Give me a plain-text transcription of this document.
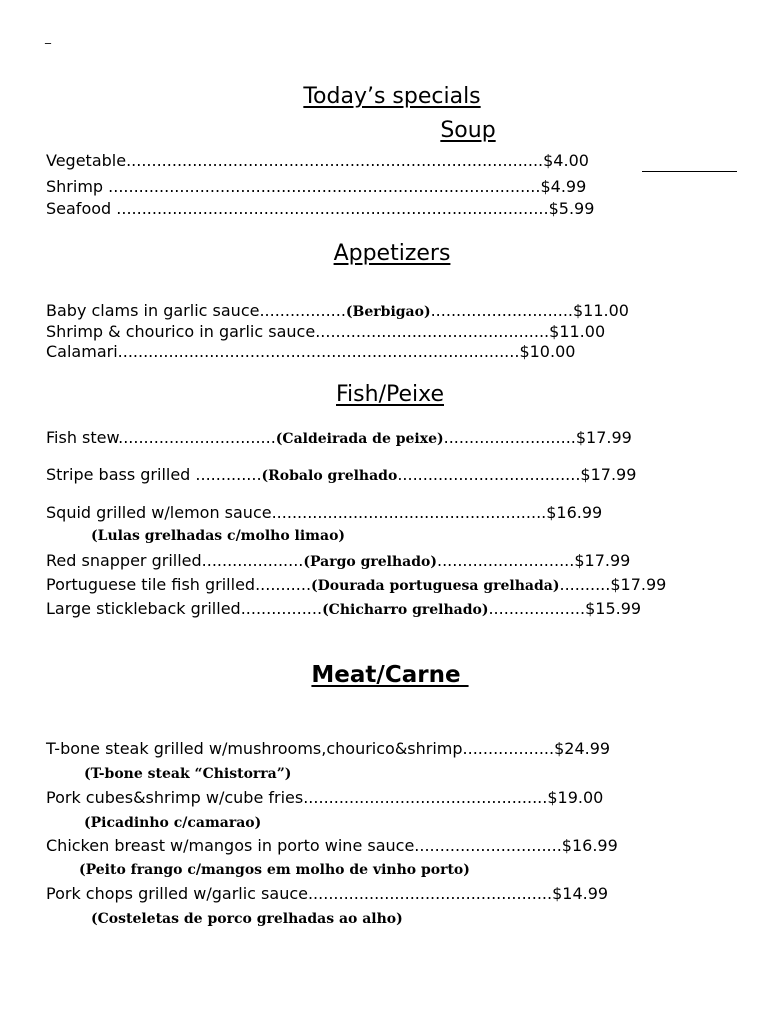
_
Today’s specials
Soup
Vegetable..................................................................................$4.00
Shrimp .....................................................................................$4.99
Seafood .....................................................................................$5.99
Appetizers
Baby clams in garlic sauce.................(Berbigao)............................$11.00
Shrimp & chourico in garlic sauce..............................................$11.00
Calamari...............................................................................$10.00
Fish/Peixe
Fish stew...............................(Caldeirada de peixe)..........................$17.99
Stripe bass grilled .............(Robalo grelhado....................................$17.99
Squid grilled w/lemon sauce......................................................$16.99
(Lulas grelhadas c/molho limao)
Red snapper grilled....................(Pargo grelhado)...........................$17.99
Portuguese tile fish grilled...........(Dourada portuguesa grelhada)..........$17.99
Large stickleback grilled................(Chicharro grelhado)...................$15.99
Meat/Carne
T-bone steak grilled w/mushrooms,chourico&shrimp..................$24.99
(T-bone steak “Chistorra”)
Pork cubes&shrimp w/cube fries................................................$19.00
(Picadinho c/camarao)
Chicken breast w/mangos in porto wine sauce.............................$16.99
(Peito frango c/mangos em molho de vinho porto)
Pork chops grilled w/garlic sauce................................................$14.99
(Costeletas de porco grelhadas ao alho)
